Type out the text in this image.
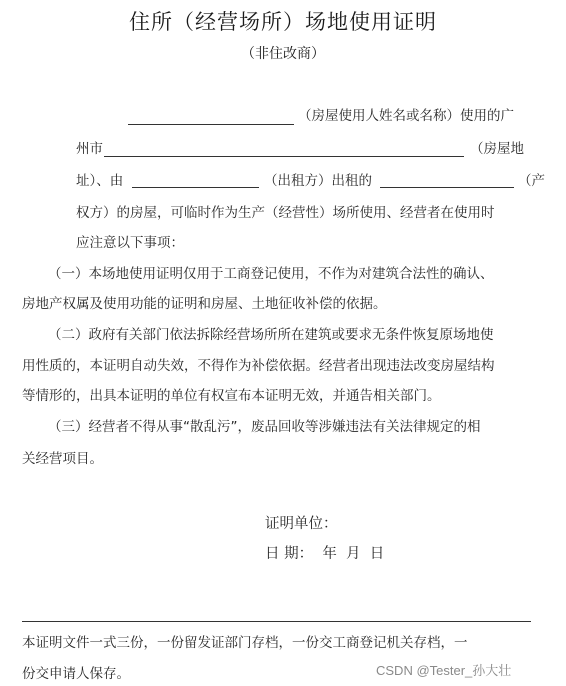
住所（经营场所）场地使用证明
（非住改商）
（房屋使用人姓名或名称）使用的广
州市	（房屋地
址）、由	（出租方）出租的	（产
权方）的房屋，可临时作为生产（经营性）场所使用、经营者在使用时
应注意以下事项：
（一）本场地使用证明仅用于工商登记使用，不作为对建筑合法性的确认、
房地产权属及使用功能的证明和房屋、土地征收补偿的依据。
（二）政府有关部门依法拆除经营场所所在建筑或要求无条件恢复原场地使
用性质的，本证明自动失效，不得作为补偿依据。经营者出现违法改变房屋结构
等情形的，出具本证明的单位有权宣布本证明无效，并通告相关部门。
（三）经营者不得从事“散乱污”，废品回收等涉嫌违法有关法律规定的相
关经营项目。
证明单位：
日 期：  年  月  日
本证明文件一式三份，一份留发证部门存档，一份交工商登记机关存档，一
份交申请人保存。	CSDN @Tester_孙大壮
